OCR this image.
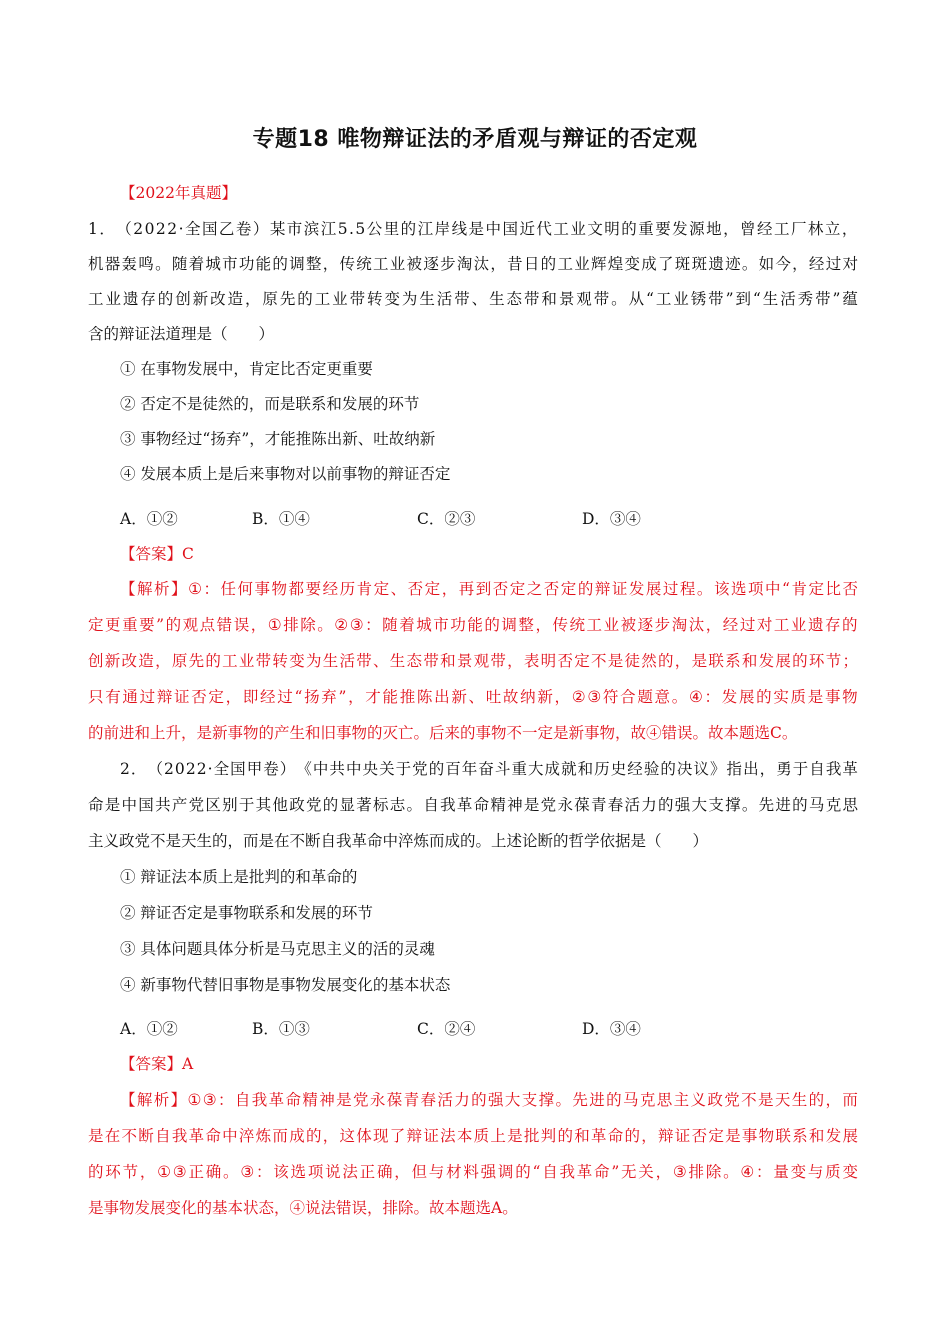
专题18 唯物辩证法的矛盾观与辩证的否定观
【2022年真题】
1 ． （ 2 0 2 2 · 全 国 乙 卷 ） 某 市 滨 江 5 . 5 公 里 的 江 岸 线 是 中 国 近 代 工 业 文 明 的 重 要 发 源 地 ， 曾 经 工 厂 林 立 ，
机 器 轰 鸣 。 随 着 城 市 功 能 的 调 整 ， 传 统 工 业 被 逐 步 淘 汰 ， 昔 日 的 工 业 辉 煌 变 成 了 斑 斑 遗 迹 。 如 今 ， 经 过 对
工 业 遗 存 的 创 新 改 造 ， 原 先 的 工 业 带 转 变 为 生 活 带 、 生 态 带 和 景 观 带 。 从 “ 工 业 锈 带 ” 到 “ 生 活 秀 带 ” 蕴
含的辩证法道理是（　　）
① 在事物发展中，肯定比否定更重要
② 否定不是徒然的，而是联系和发展的环节
③ 事物经过“扬弃”，才能推陈出新、吐故纳新
④ 发展本质上是后来事物对以前事物的辩证否定
A．①②	B．①④	C．②③	D．③④
【答案】C
【 解 析 】 ① ： 任 何 事 物 都 要 经 历 肯 定 、 否 定 ， 再 到 否 定 之 否 定 的 辩 证 发 展 过 程 。 该 选 项 中 “ 肯 定 比 否
定 更 重 要 ” 的 观 点 错 误 ， ① 排 除 。 ② ③ ： 随 着 城 市 功 能 的 调 整 ， 传 统 工 业 被 逐 步 淘 汰 ， 经 过 对 工 业 遗 存 的
创 新 改 造 ， 原 先 的 工 业 带 转 变 为 生 活 带 、 生 态 带 和 景 观 带 ， 表 明 否 定 不 是 徒 然 的 ， 是 联 系 和 发 展 的 环 节 ；
只 有 通 过 辩 证 否 定 ， 即 经 过 “ 扬 弃 ” ， 才 能 推 陈 出 新 、 吐 故 纳 新 ， ② ③ 符 合 题 意 。 ④ ： 发 展 的 实 质 是 事 物
的前进和上升，是新事物的产生和旧事物的灭亡。后来的事物不一定是新事物，故④错误。故本题选C。
2 ． （ 2 0 2 2 · 全 国 甲 卷 ） 《 中 共 中 央 关 于 党 的 百 年 奋 斗 重 大 成 就 和 历 史 经 验 的 决 议 》 指 出 ， 勇 于 自 我 革
命 是 中 国 共 产 党 区 别 于 其 他 政 党 的 显 著 标 志 。 自 我 革 命 精 神 是 党 永 葆 青 春 活 力 的 强 大 支 撑 。 先 进 的 马 克 思
主义政党不是天生的，而是在不断自我革命中淬炼而成的。上述论断的哲学依据是（　　）
① 辩证法本质上是批判的和革命的
② 辩证否定是事物联系和发展的环节
③ 具体问题具体分析是马克思主义的活的灵魂
④ 新事物代替旧事物是事物发展变化的基本状态
A．①②	B．①③	C．②④	D．③④
【答案】A
【 解 析 】 ① ③ ： 自 我 革 命 精 神 是 党 永 葆 青 春 活 力 的 强 大 支 撑 。 先 进 的 马 克 思 主 义 政 党 不 是 天 生 的 ， 而
是 在 不 断 自 我 革 命 中 淬 炼 而 成 的 ， 这 体 现 了 辩 证 法 本 质 上 是 批 判 的 和 革 命 的 ， 辩 证 否 定 是 事 物 联 系 和 发 展
的 环 节 ， ① ③ 正 确 。 ③ ： 该 选 项 说 法 正 确 ， 但 与 材 料 强 调 的 “ 自 我 革 命 ” 无 关 ， ③ 排 除 。 ④ ： 量 变 与 质 变
是事物发展变化的基本状态，④说法错误，排除。故本题选A。
